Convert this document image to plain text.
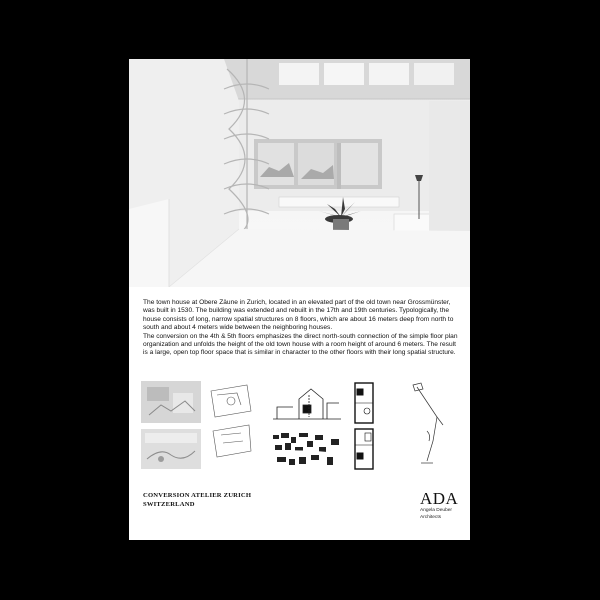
The town house at Obere Zäune in Zurich, located in an elevated part of the old town near Grossmünster, was built in 1530. The building was extended and rebuilt in the 17th and 19th centuries. Typologically, the house consists of long, narrow spatial structures on 8 floors, which are about 16 meters deep from north to south and about 4 meters wide between the neighboring houses.

The conversion on the 4th & 5th floors emphasizes the direct north-south connection of the simple floor plan organization and unfolds the height of the old town house with a room height of around 6 meters. The result is a large, open top floor space that is similar in character to the other floors with their long spatial structure.

CONVERSION ATELIER ZURICH
SWITZERLAND	ADA
Angela Deuber
Architects
